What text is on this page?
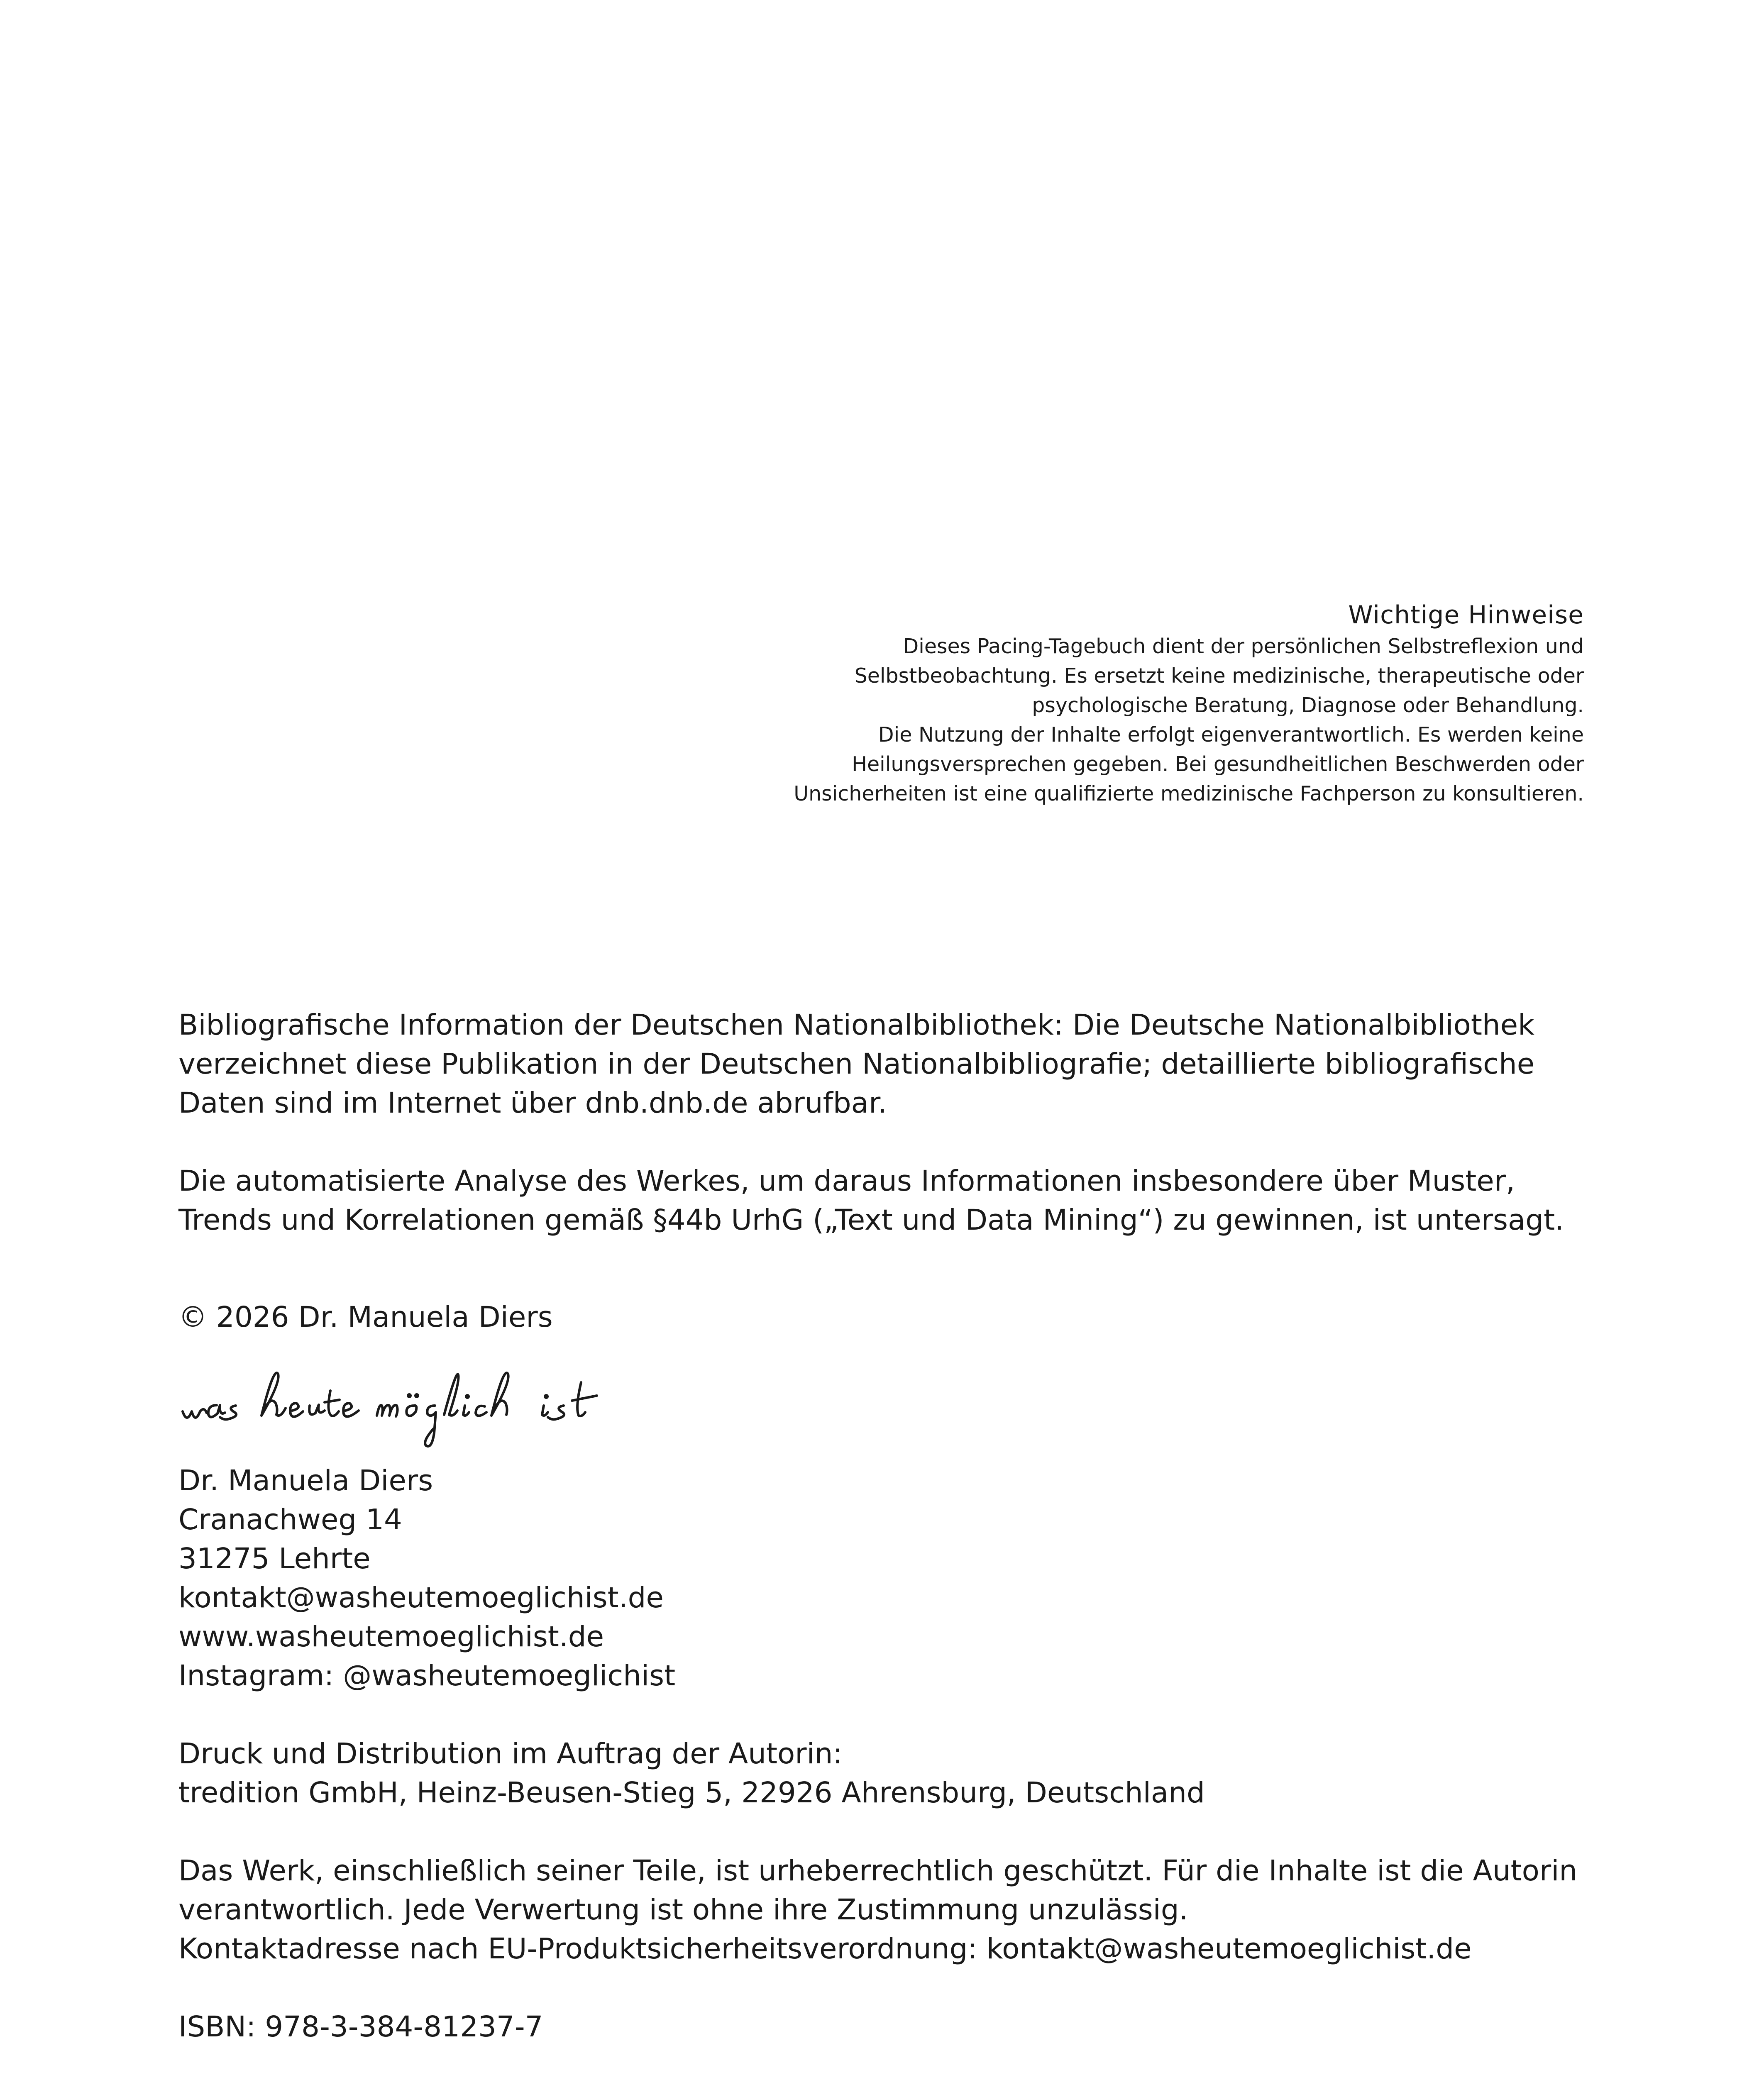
Wichtige Hinweise

Dieses Pacing-Tagebuch dient der persönlichen Selbstreflexion und

Selbstbeobachtung. Es ersetzt keine medizinische, therapeutische oder

psychologische Beratung, Diagnose oder Behandlung.

Die Nutzung der Inhalte erfolgt eigenverantwortlich. Es werden keine

Heilungsversprechen gegeben. Bei gesundheitlichen Beschwerden oder

Unsicherheiten ist eine qualifizierte medizinische Fachperson zu konsultieren.

Bibliografische Information der Deutschen Nationalbibliothek: Die Deutsche Nationalbibliothek

verzeichnet diese Publikation in der Deutschen Nationalbibliografie; detaillierte bibliografische

Daten sind im Internet über dnb.dnb.de abrufbar.

Die automatisierte Analyse des Werkes, um daraus Informationen insbesondere über Muster,

Trends und Korrelationen gemäß §44b UrhG („Text und Data Mining“) zu gewinnen, ist untersagt.

© 2026 Dr. Manuela Diers

Dr. Manuela Diers

Cranachweg 14

31275 Lehrte

kontakt@washeutemoeglichist.de

www.washeutemoeglichist.de

Instagram: @washeutemoeglichist

Druck und Distribution im Auftrag der Autorin:

tredition GmbH, Heinz-Beusen-Stieg 5, 22926 Ahrensburg, Deutschland

Das Werk, einschließlich seiner Teile, ist urheberrechtlich geschützt. Für die Inhalte ist die Autorin

verantwortlich. Jede Verwertung ist ohne ihre Zustimmung unzulässig.

Kontaktadresse nach EU-Produktsicherheitsverordnung: kontakt@washeutemoeglichist.de

ISBN: 978-3-384-81237-7
